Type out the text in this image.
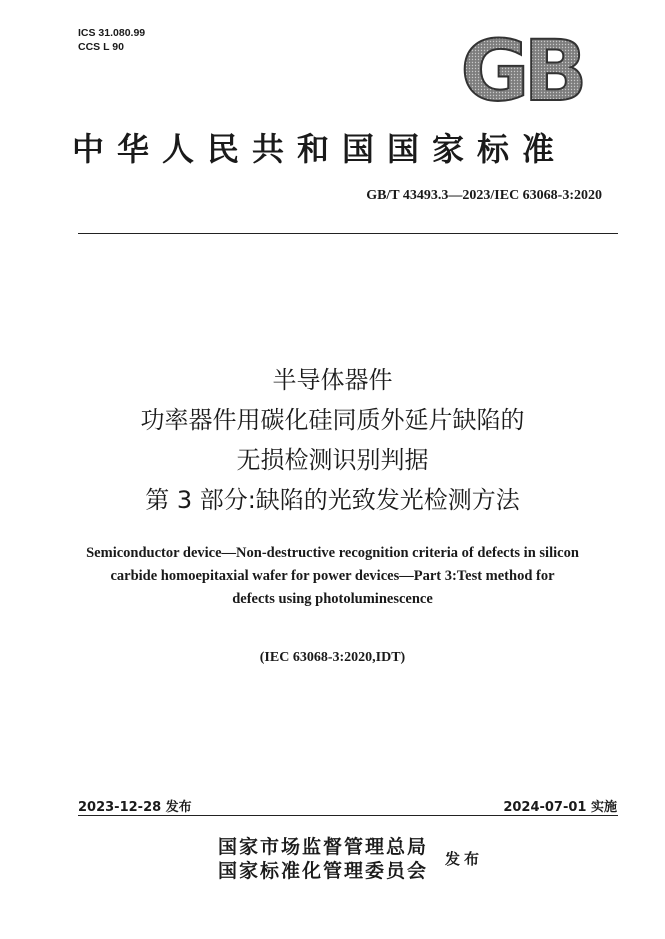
ICS 31.080.99
CCS L 90	GB
中华人民共和国国家标准
GB/T 43493.3—2023/IEC 63068-3:2020
半导体器件
功率器件用碳化硅同质外延片缺陷的
无损检测识别判据
第 3 部分:缺陷的光致发光检测方法
Semiconductor device—Non-destructive recognition criteria of defects in silicon
carbide homoepitaxial wafer for power devices—Part 3:Test method for
defects using photoluminescence
(IEC 63068-3:2020,IDT)
2023-12-28 发布	2024-07-01 实施
国家市场监督管理总局
国家标准化管理委员会
发布
